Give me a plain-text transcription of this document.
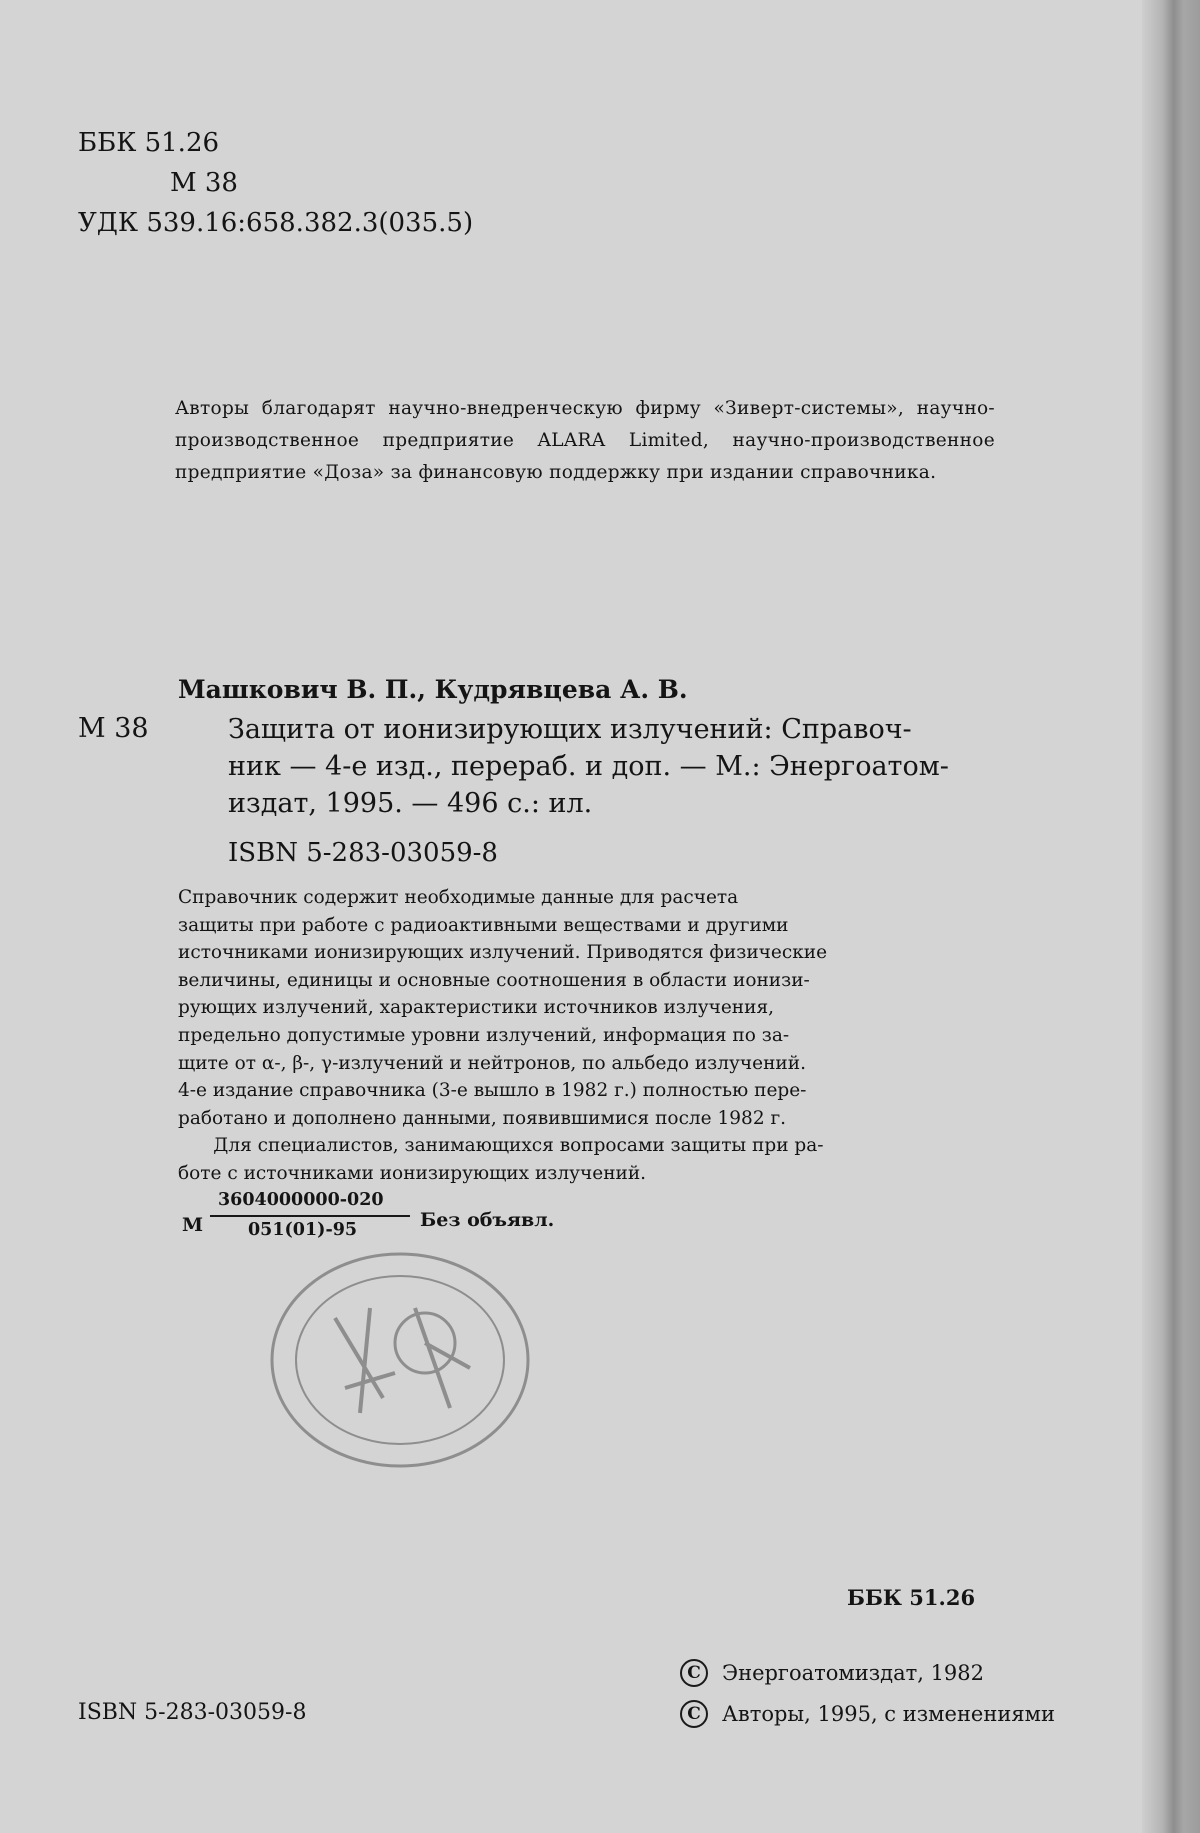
ББК 51.26
М 38
УДК 539.16:658.382.3(035.5)
Авторы благодарят научно-внедренческую фирму «Зиверт-системы», научно-производственное предприятие ALARA Limited, научно-производственное предприятие «Доза» за финансовую поддержку при издании справочника.
Машкович В. П., Кудрявцева А. В.
М 38	Защита от ионизирующих излучений: Справоч-
ник — 4-е изд., перераб. и доп. — М.: Энергоатом-
издат, 1995. — 496 с.: ил.
ISBN 5-283-03059-8
Справочник содержит необходимые данные для расчета
защиты при работе с радиоактивными веществами и другими
источниками ионизирующих излучений. Приводятся физические
величины, единицы и основные соотношения в области ионизи-
рующих излучений, характеристики источников излучения,
предельно допустимые уровни излучений, информация по за-
щите от α-, β-, γ-излучений и нейтронов, по альбедо излучений.
4-е издание справочника (3-е вышло в 1982 г.) полностью пере-
работано и дополнено данными, появившимися после 1982 г.
Для специалистов, занимающихся вопросами защиты при ра-
боте с источниками ионизирующих излучений.
М
3604000000-020
051(01)-95	Без объявл.
ББК 51.26
ISBN 5-283-03059-8
C Энергоатомиздат, 1982
C Авторы, 1995, с изменениями
